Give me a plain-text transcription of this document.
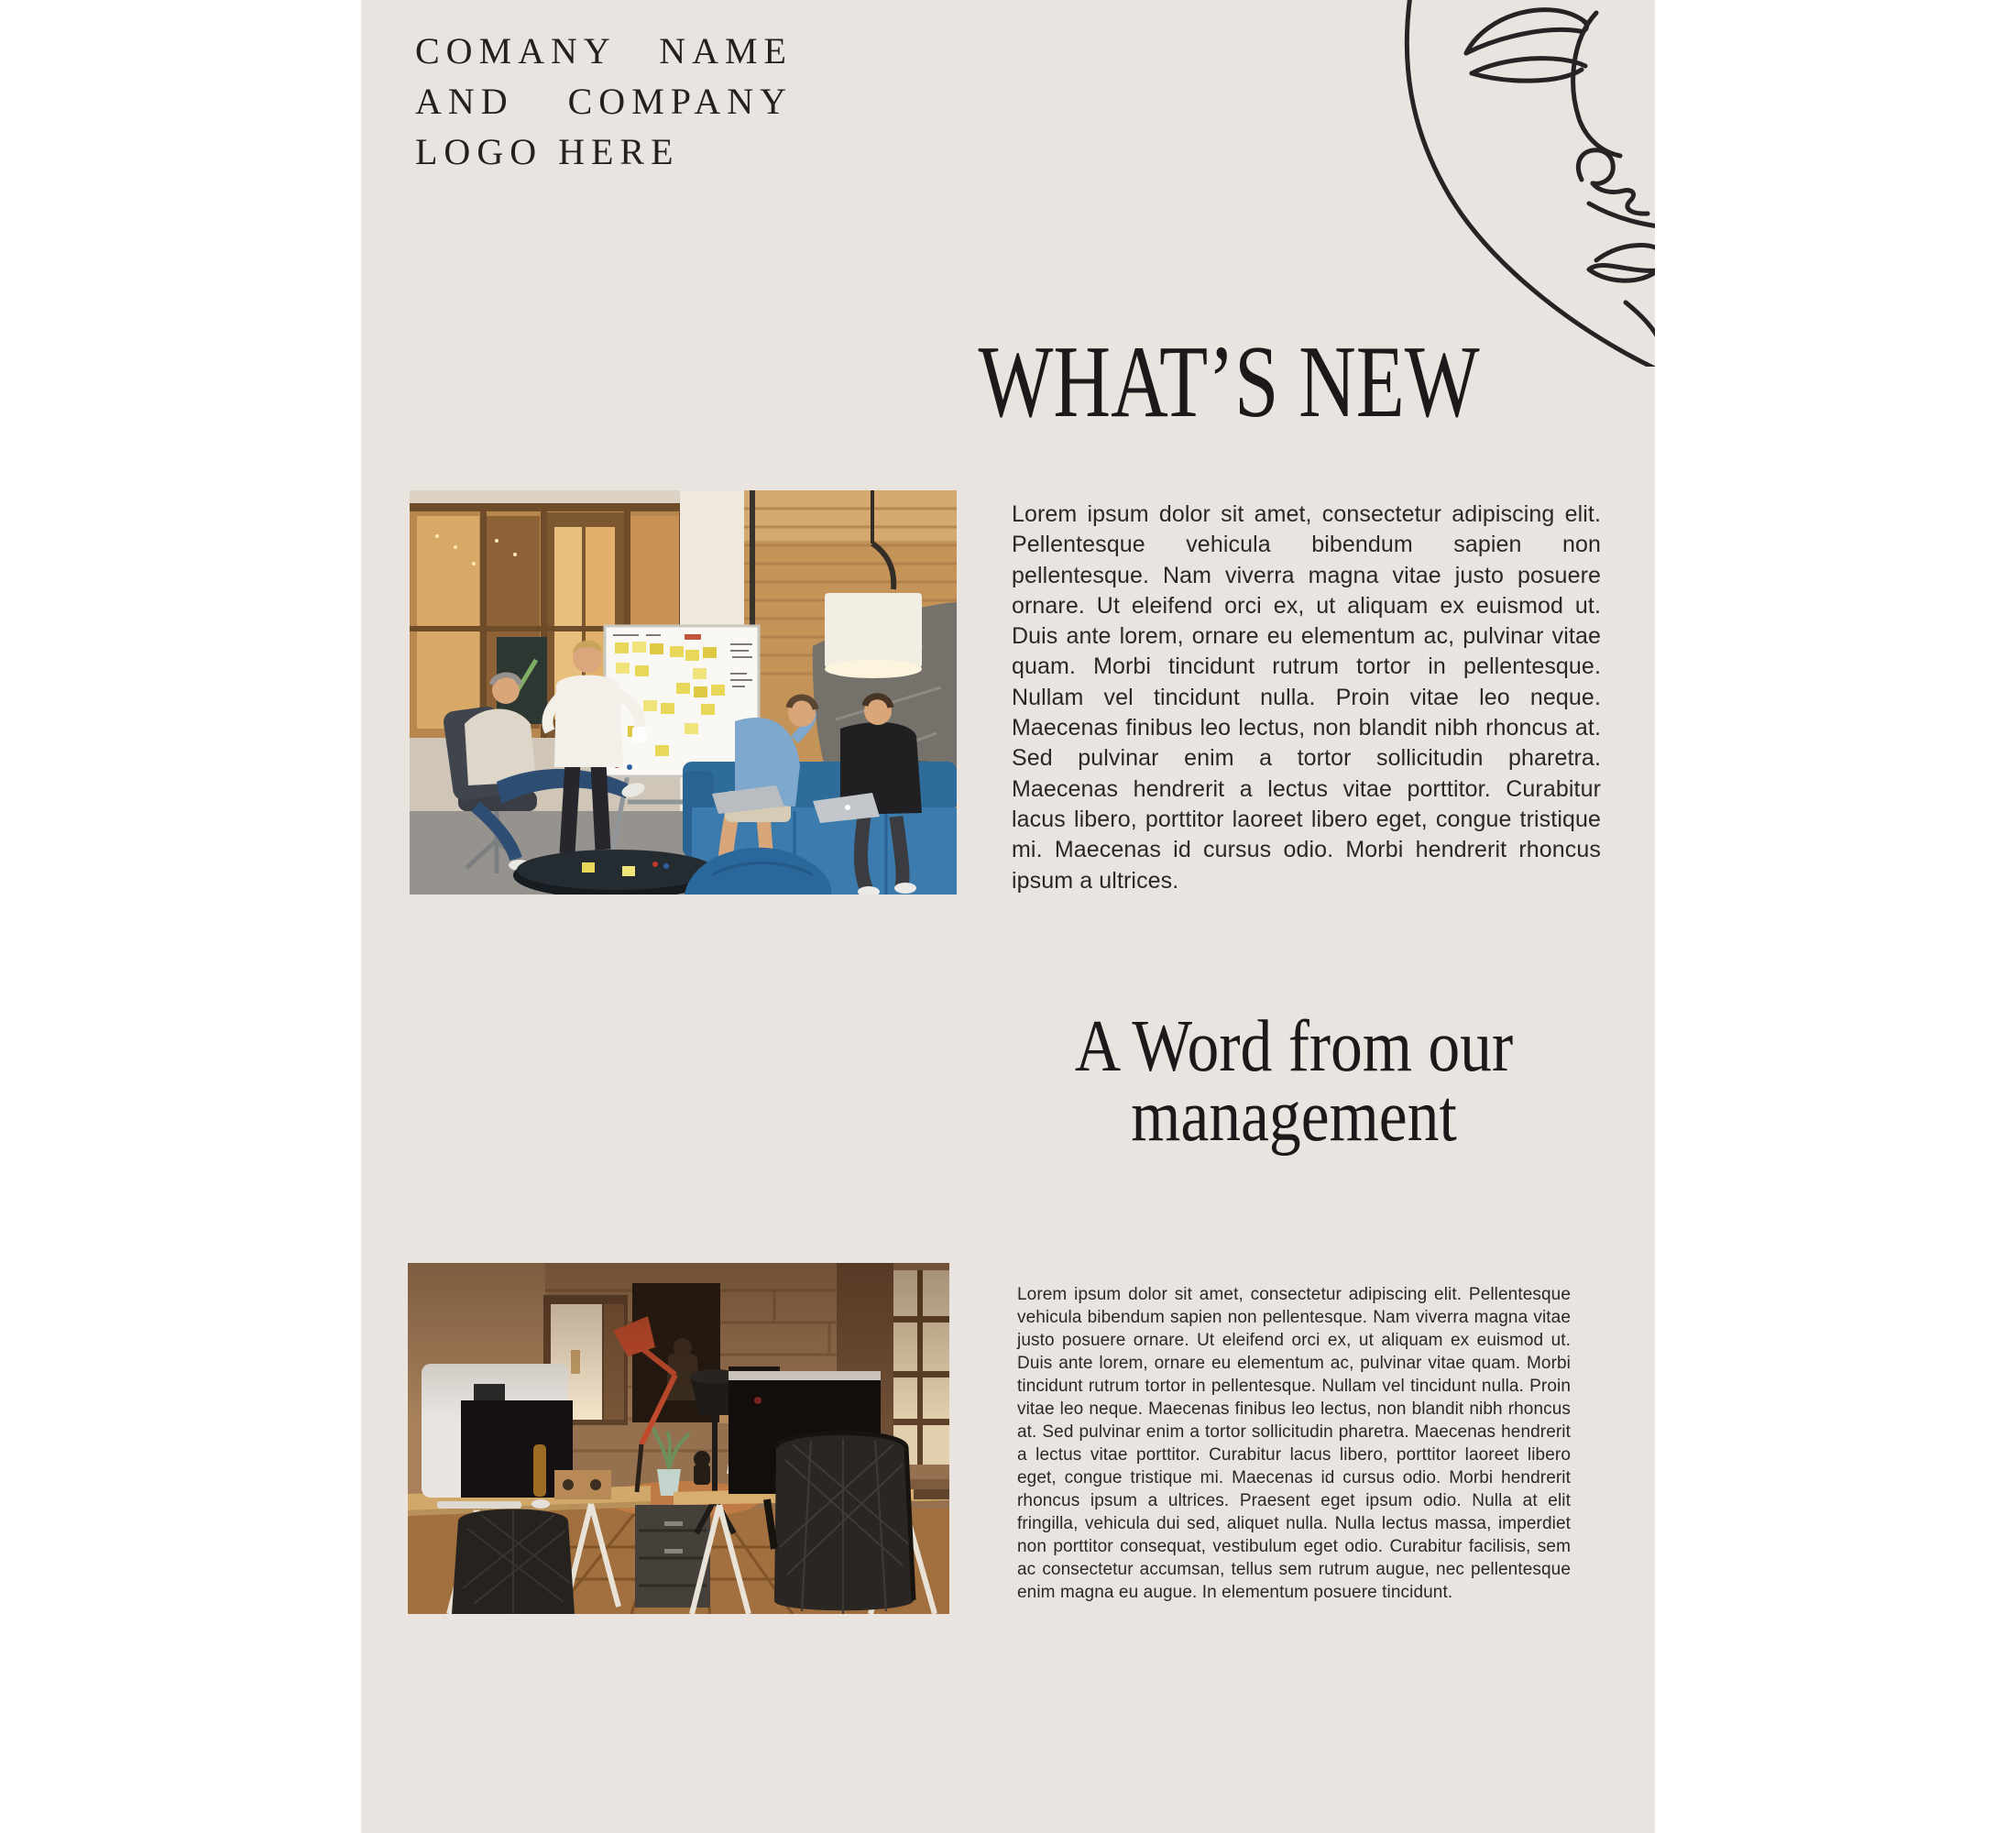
COMANY NAME
AND COMPANY
LOGO HERE
WHAT’S NEW

Lorem ipsum dolor sit amet, consectetur adipiscing elit. Pellentesque vehicula bibendum sapien non pellentesque. Nam viverra magna vitae justo posuere ornare. Ut eleifend orci ex, ut aliquam ex euismod ut. Duis ante lorem, ornare eu elementum ac, pulvinar vitae quam. Morbi tincidunt rutrum tortor in pellentesque. Nullam vel tincidunt nulla. Proin vitae leo neque. Maecenas finibus leo lectus, non blandit nibh rhoncus at. Sed pulvinar enim a tortor sollicitudin pharetra. Maecenas hendrerit a lectus vitae porttitor. Curabitur lacus libero, porttitor laoreet libero eget, congue tristique mi. Maecenas id cursus odio. Morbi hendrerit rhoncus ipsum a ultrices.

A Word from our
management

Lorem ipsum dolor sit amet, consectetur adipiscing elit. Pellentesque vehicula bibendum sapien non pellentesque. Nam viverra magna vitae justo posuere ornare. Ut eleifend orci ex, ut aliquam ex euismod ut. Duis ante lorem, ornare eu elementum ac, pulvinar vitae quam. Morbi tincidunt rutrum tortor in pellentesque. Nullam vel tincidunt nulla. Proin vitae leo neque. Maecenas finibus leo lectus, non blandit nibh rhoncus at. Sed pulvinar enim a tortor sollicitudin pharetra. Maecenas hendrerit a lectus vitae porttitor. Curabitur lacus libero, porttitor laoreet libero eget, congue tristique mi. Maecenas id cursus odio. Morbi hendrerit rhoncus ipsum a ultrices. Praesent eget ipsum odio. Nulla at elit fringilla, vehicula dui sed, aliquet nulla. Nulla lectus massa, imperdiet non porttitor consequat, vestibulum eget odio. Curabitur facilisis, sem ac consectetur accumsan, tellus sem rutrum augue, nec pellentesque enim magna eu augue. In elementum posuere tincidunt.
